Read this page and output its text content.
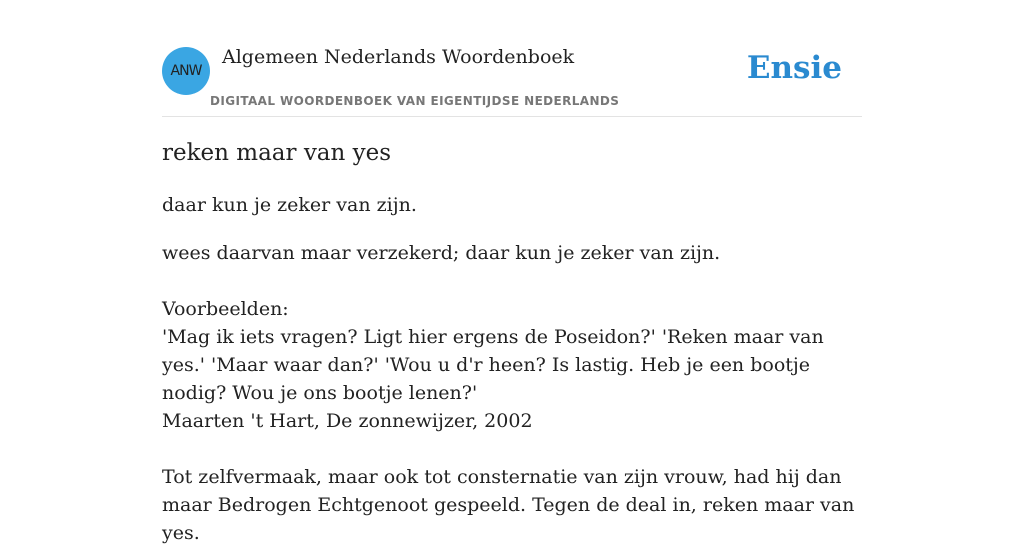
ANW
Algemeen Nederlands Woordenboek
DIGITAAL WOORDENBOEK VAN EIGENTIJDSE NEDERLANDS
Ensie
reken maar van yes

daar kun je zeker van zijn.

wees daarvan maar verzekerd; daar kun je zeker van zijn.

Voorbeelden:

'Mag ik iets vragen? Ligt hier ergens de Poseidon?' 'Reken maar van yes.' 'Maar waar dan?' 'Wou u d'r heen? Is lastig. Heb je een bootje nodig? Wou je ons bootje lenen?'

Maarten 't Hart, De zonnewijzer, 2002

Tot zelfvermaak, maar ook tot consternatie van zijn vrouw, had hij dan maar Bedrogen Echtgenoot gespeeld. Tegen de deal in, reken maar van yes.
